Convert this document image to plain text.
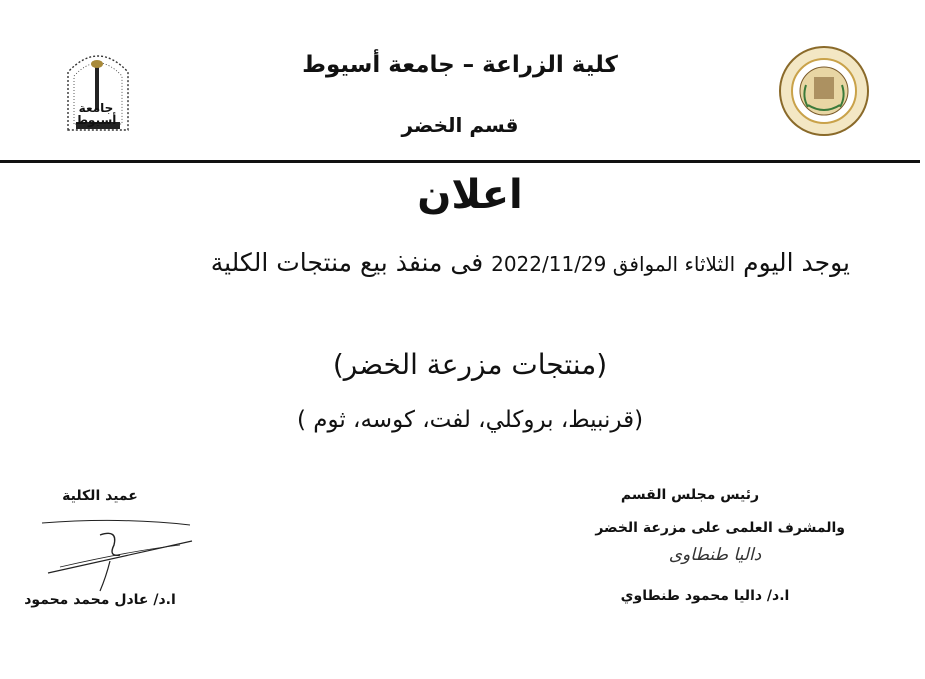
جامعة أسيوط
كلية الزراعة – جامعة أسيوط
قسم الخضر
اعلان
يوجد اليوم الثلاثاء الموافق 2022/11/29 فى منفذ بيع منتجات الكلية
(منتجات مزرعة الخضر)
(قرنبيط، بروكلي، لفت، كوسه، ثوم )
عميد الكلية
ا.د/ عادل محمد محمود
رئيس مجلس القسم
والمشرف العلمى على مزرعة الخضر
داليا طنطاوى
ا.د/ داليا محمود طنطاوي
